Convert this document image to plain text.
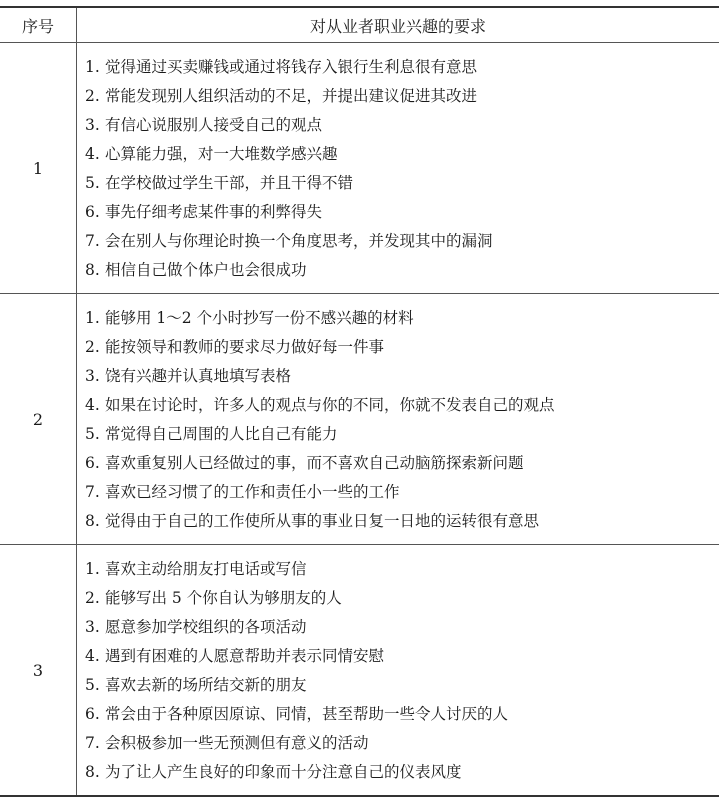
序号	对从业者职业兴趣的要求
1
1. 觉得通过买卖赚钱或通过将钱存入银行生利息很有意思
2. 常能发现别人组织活动的不足，并提出建议促进其改进
3. 有信心说服别人接受自己的观点
4. 心算能力强，对一大堆数学感兴趣
5. 在学校做过学生干部，并且干得不错
6. 事先仔细考虑某件事的利弊得失
7. 会在别人与你理论时换一个角度思考，并发现其中的漏洞
8. 相信自己做个体户也会很成功
2
1. 能够用 1～2 个小时抄写一份不感兴趣的材料
2. 能按领导和教师的要求尽力做好每一件事
3. 饶有兴趣并认真地填写表格
4. 如果在讨论时，许多人的观点与你的不同，你就不发表自己的观点
5. 常觉得自己周围的人比自己有能力
6. 喜欢重复别人已经做过的事，而不喜欢自己动脑筋探索新问题
7. 喜欢已经习惯了的工作和责任小一些的工作
8. 觉得由于自己的工作使所从事的事业日复一日地的运转很有意思
3
1. 喜欢主动给朋友打电话或写信
2. 能够写出 5 个你自认为够朋友的人
3. 愿意参加学校组织的各项活动
4. 遇到有困难的人愿意帮助并表示同情安慰
5. 喜欢去新的场所结交新的朋友
6. 常会由于各种原因原谅、同情，甚至帮助一些令人讨厌的人
7. 会积极参加一些无预测但有意义的活动
8. 为了让人产生良好的印象而十分注意自己的仪表风度
